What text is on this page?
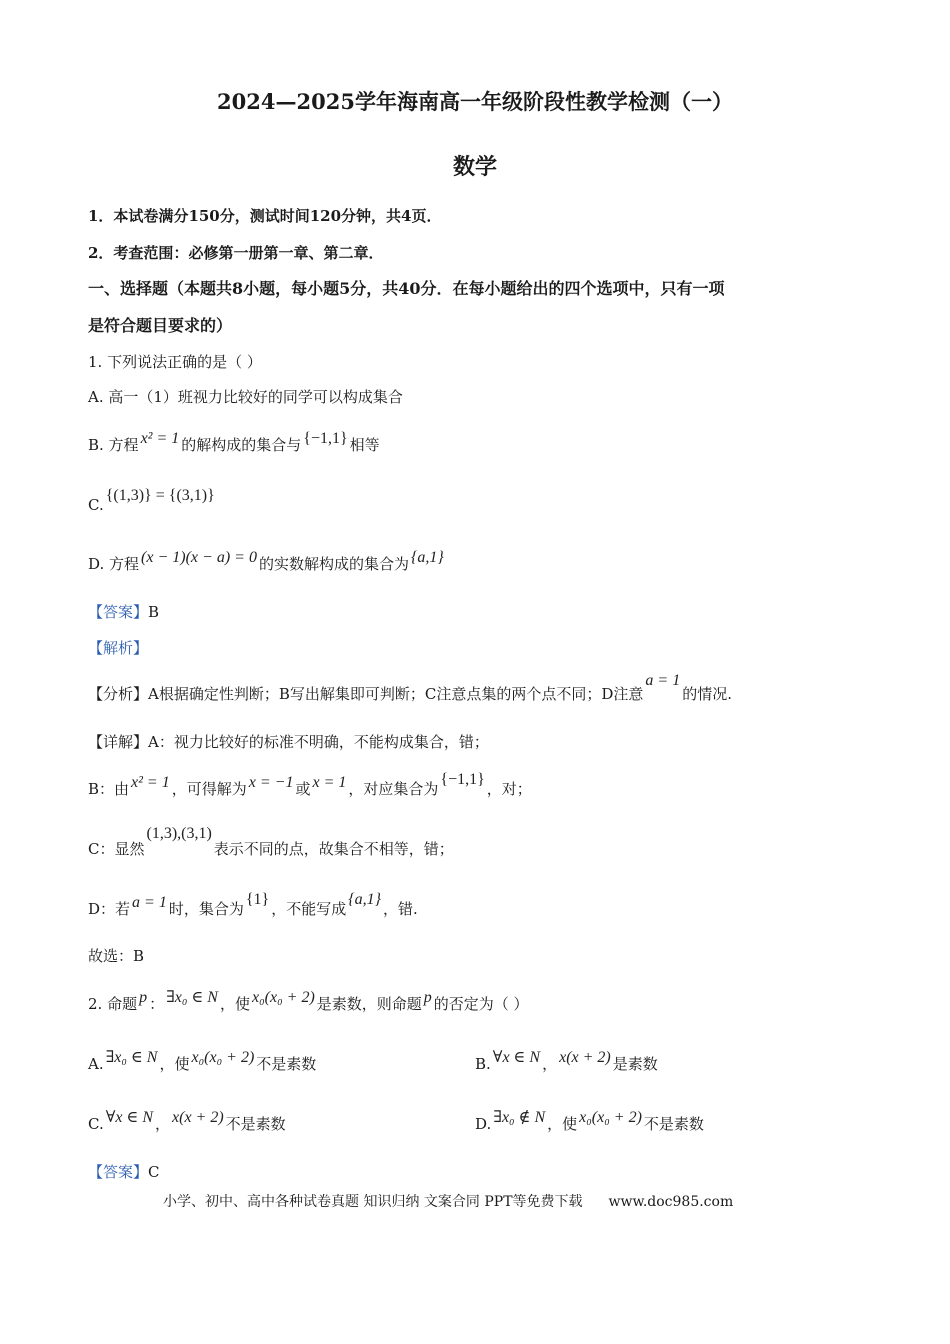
2024—2025学年海南高一年级阶段性教学检测（一）
数学
1．本试卷满分150分，测试时间120分钟，共4页．
2．考查范围：必修第一册第一章、第二章．
一、选择题（本题共8小题，每小题5分，共40分．在每小题给出的四个选项中，只有一项
是符合题目要求的）
1. 下列说法正确的是（ ）
A. 高一（1）班视力比较好的同学可以构成集合
B. 方程 x² = 1 的解构成的集合与 {−1,1} 相等
C.{(1,3)} = {(3,1)}
D. 方程 (x − 1)(x − a) = 0 的实数解构成的集合为 {a,1}
【答案】B
【解析】
【分析】A根据确定性判断；B写出解集即可判断；C注意点集的两个点不同；D注意a = 1的情况.
【详解】A：视力比较好的标准不明确，不能构成集合，错；
B：由 x² = 1 ，可得解为 x = −1 或 x = 1 ，对应集合为{−1,1}，对；
C：显然(1,3),(3,1)表示不同的点，故集合不相等，错；
D：若 a = 1 时，集合为{1}，不能写成{a,1}，错.
故选：B
2. 命题 p ： ∃x₀ ∈ N ，使 x₀(x₀ + 2) 是素数，则命题 p 的否定为（ ）
A. ∃x₀ ∈ N ，使 x₀(x₀ + 2) 不是素数	B. ∀x ∈ N ， x(x + 2) 是素数
C. ∀x ∈ N ， x(x + 2) 不是素数	D. ∃x₀ ∉ N ，使 x₀(x₀ + 2) 不是素数
【答案】C
小学、初中、高中各种试卷真题 知识归纳 文案合同 PPT等免费下载 www.doc985.com
